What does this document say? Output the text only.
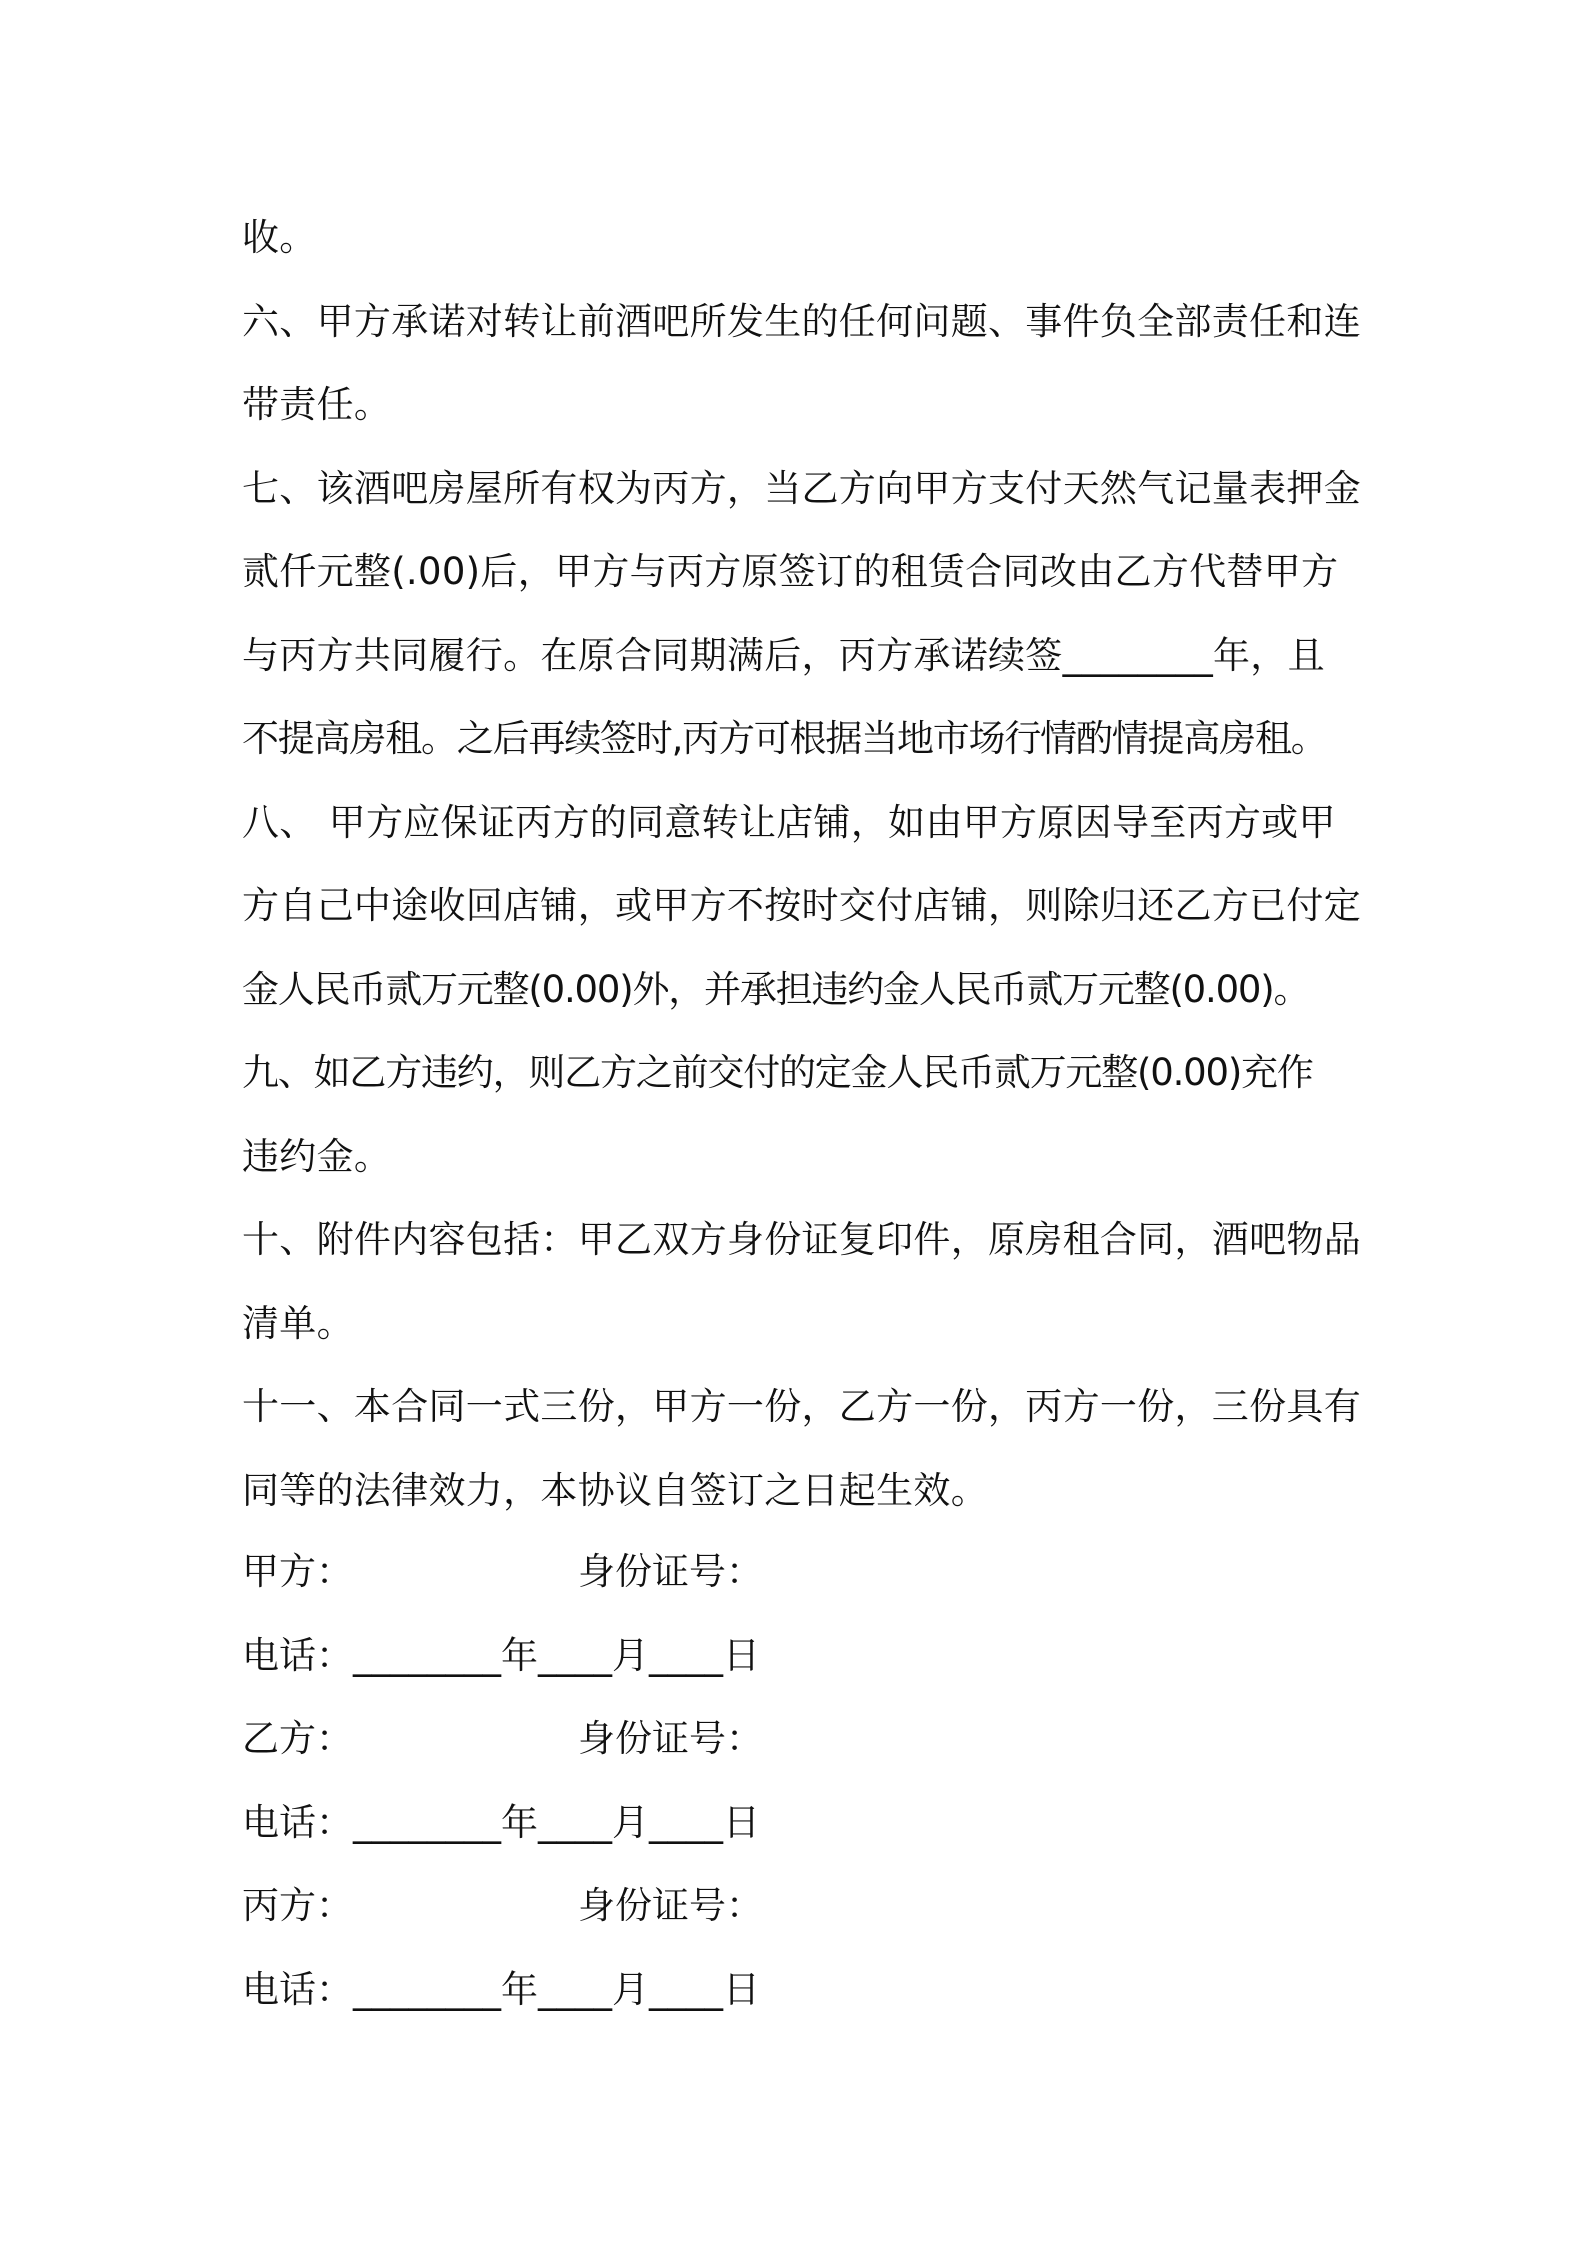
收。
六、甲方承诺对转让前酒吧所发生的任何问题、事件负全部责任和连
带责任。
七、该酒吧房屋所有权为丙方，当乙方向甲方支付天然气记量表押金
贰仟元整(.00)后，甲方与丙方原签订的租赁合同改由乙方代替甲方
与丙方共同履行。在原合同期满后，丙方承诺续签________年，且
不提高房租。之后再续签时,丙方可根据当地市场行情酌情提高房租。
八、 甲方应保证丙方的同意转让店铺，如由甲方原因导至丙方或甲
方自己中途收回店铺，或甲方不按时交付店铺，则除归还乙方已付定
金人民币贰万元整(0.00)外，并承担违约金人民币贰万元整(0.00)。
九、如乙方违约，则乙方之前交付的定金人民币贰万元整(0.00)充作
违约金。
十、附件内容包括：甲乙双方身份证复印件，原房租合同，酒吧物品
清单。
十一、本合同一式三份，甲方一份，乙方一份，丙方一份，三份具有
同等的法律效力，本协议自签订之日起生效。
甲方：	身份证号：
电话：________年____月____日
乙方：	身份证号：
电话：________年____月____日
丙方：	身份证号：
电话：________年____月____日
